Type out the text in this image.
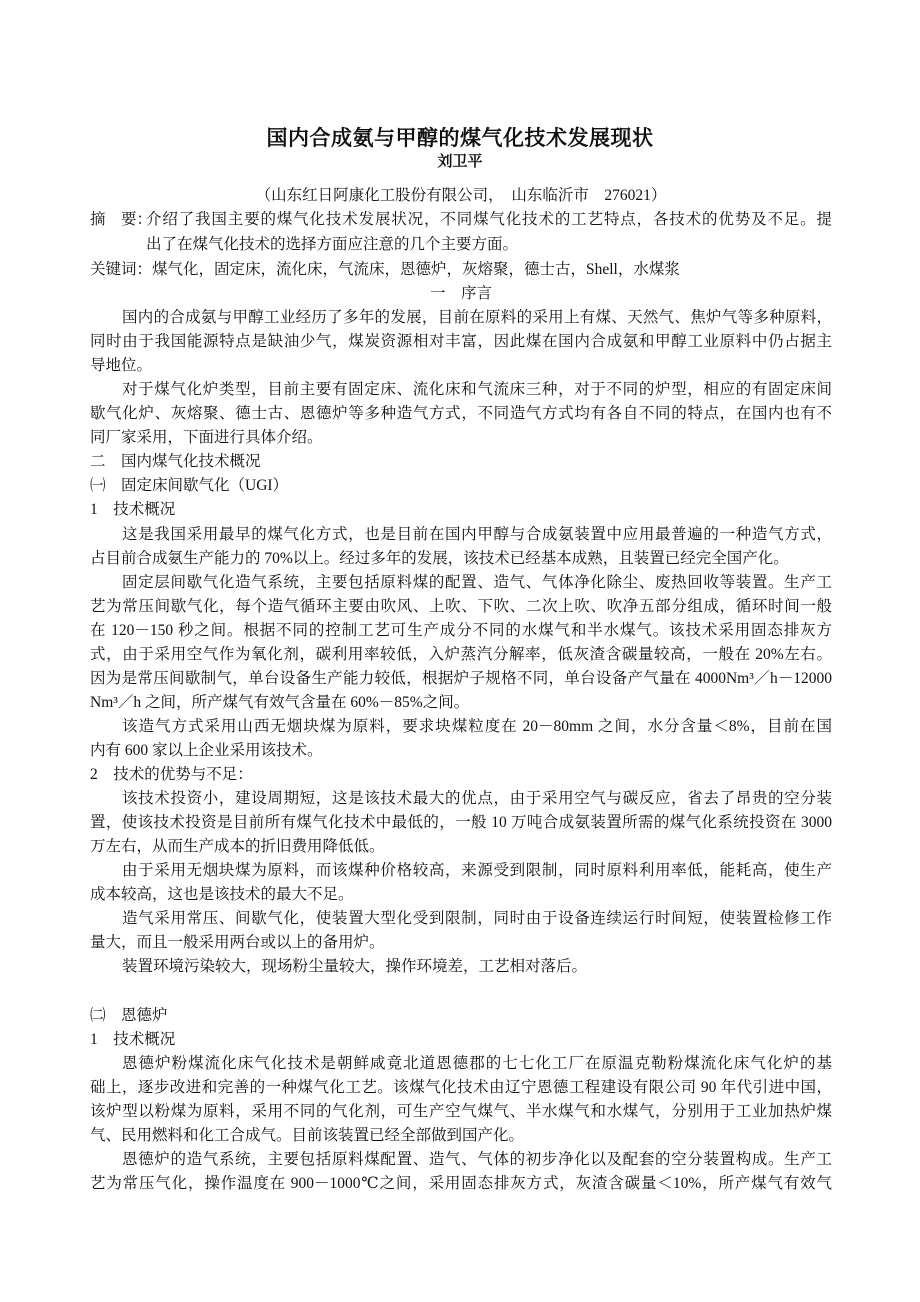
国内合成氨与甲醇的煤气化技术发展现状
刘卫平
（山东红日阿康化工股份有限公司，　山东临沂市　276021）
摘　要：
介绍了我国主要的煤气化技术发展状况，不同煤气化技术的工艺特点，各技术的优势及不足。提
出了在煤气化技术的选择方面应注意的几个主要方面。
关键词：煤气化，固定床，流化床，气流床，恩德炉，灰熔聚，德士古，Shell，水煤浆
一　序言
国内的合成氨与甲醇工业经历了多年的发展，目前在原料的采用上有煤、天然气、焦炉气等多种原料，
同时由于我国能源特点是缺油少气，煤炭资源相对丰富，因此煤在国内合成氨和甲醇工业原料中仍占据主
导地位。
对于煤气化炉类型，目前主要有固定床、流化床和气流床三种，对于不同的炉型，相应的有固定床间
歇气化炉、灰熔聚、德士古、恩德炉等多种造气方式，不同造气方式均有各自不同的特点，在国内也有不
同厂家采用，下面进行具体介绍。
二　国内煤气化技术概况
㈠　固定床间歇气化（UGI）
1　技术概况
这是我国采用最早的煤气化方式，也是目前在国内甲醇与合成氨装置中应用最普遍的一种造气方式，
占目前合成氨生产能力的 70%以上。经过多年的发展，该技术已经基本成熟，且装置已经完全国产化。
固定层间歇气化造气系统，主要包括原料煤的配置、造气、气体净化除尘、废热回收等装置。生产工
艺为常压间歇气化，每个造气循环主要由吹风、上吹、下吹、二次上吹、吹净五部分组成，循环时间一般
在 120－150 秒之间。根据不同的控制工艺可生产成分不同的水煤气和半水煤气。该技术采用固态排灰方
式，由于采用空气作为氧化剂，碳利用率较低，入炉蒸汽分解率，低灰渣含碳量较高，一般在 20%左右。
因为是常压间歇制气，单台设备生产能力较低，根据炉子规格不同，单台设备产气量在 4000Nm³／h－12000
Nm³／h 之间，所产煤气有效气含量在 60%－85%之间。
该造气方式采用山西无烟块煤为原料，要求块煤粒度在 20－80mm 之间，水分含量＜8%，目前在国
内有 600 家以上企业采用该技术。
2　技术的优势与不足：
该技术投资小，建设周期短，这是该技术最大的优点，由于采用空气与碳反应，省去了昂贵的空分装
置，使该技术投资是目前所有煤气化技术中最低的，一般 10 万吨合成氨装置所需的煤气化系统投资在 3000
万左右，从而生产成本的折旧费用降低低。
由于采用无烟块煤为原料，而该煤种价格较高，来源受到限制，同时原料利用率低，能耗高，使生产
成本较高，这也是该技术的最大不足。
造气采用常压、间歇气化，使装置大型化受到限制，同时由于设备连续运行时间短，使装置检修工作
量大，而且一般采用两台或以上的备用炉。
装置环境污染较大，现场粉尘量较大，操作环境差，工艺相对落后。
㈡　恩德炉
1　技术概况
恩德炉粉煤流化床气化技术是朝鲜咸竟北道恩德郡的七七化工厂在原温克勒粉煤流化床气化炉的基
础上，逐步改进和完善的一种煤气化工艺。该煤气化技术由辽宁恩德工程建设有限公司 90 年代引进中国，
该炉型以粉煤为原料，采用不同的气化剂，可生产空气煤气、半水煤气和水煤气，分别用于工业加热炉煤
气、民用燃料和化工合成气。目前该装置已经全部做到国产化。
恩德炉的造气系统，主要包括原料煤配置、造气、气体的初步净化以及配套的空分装置构成。生产工
艺为常压气化，操作温度在 900－1000℃之间，采用固态排灰方式，灰渣含碳量＜10%，所产煤气有效气
